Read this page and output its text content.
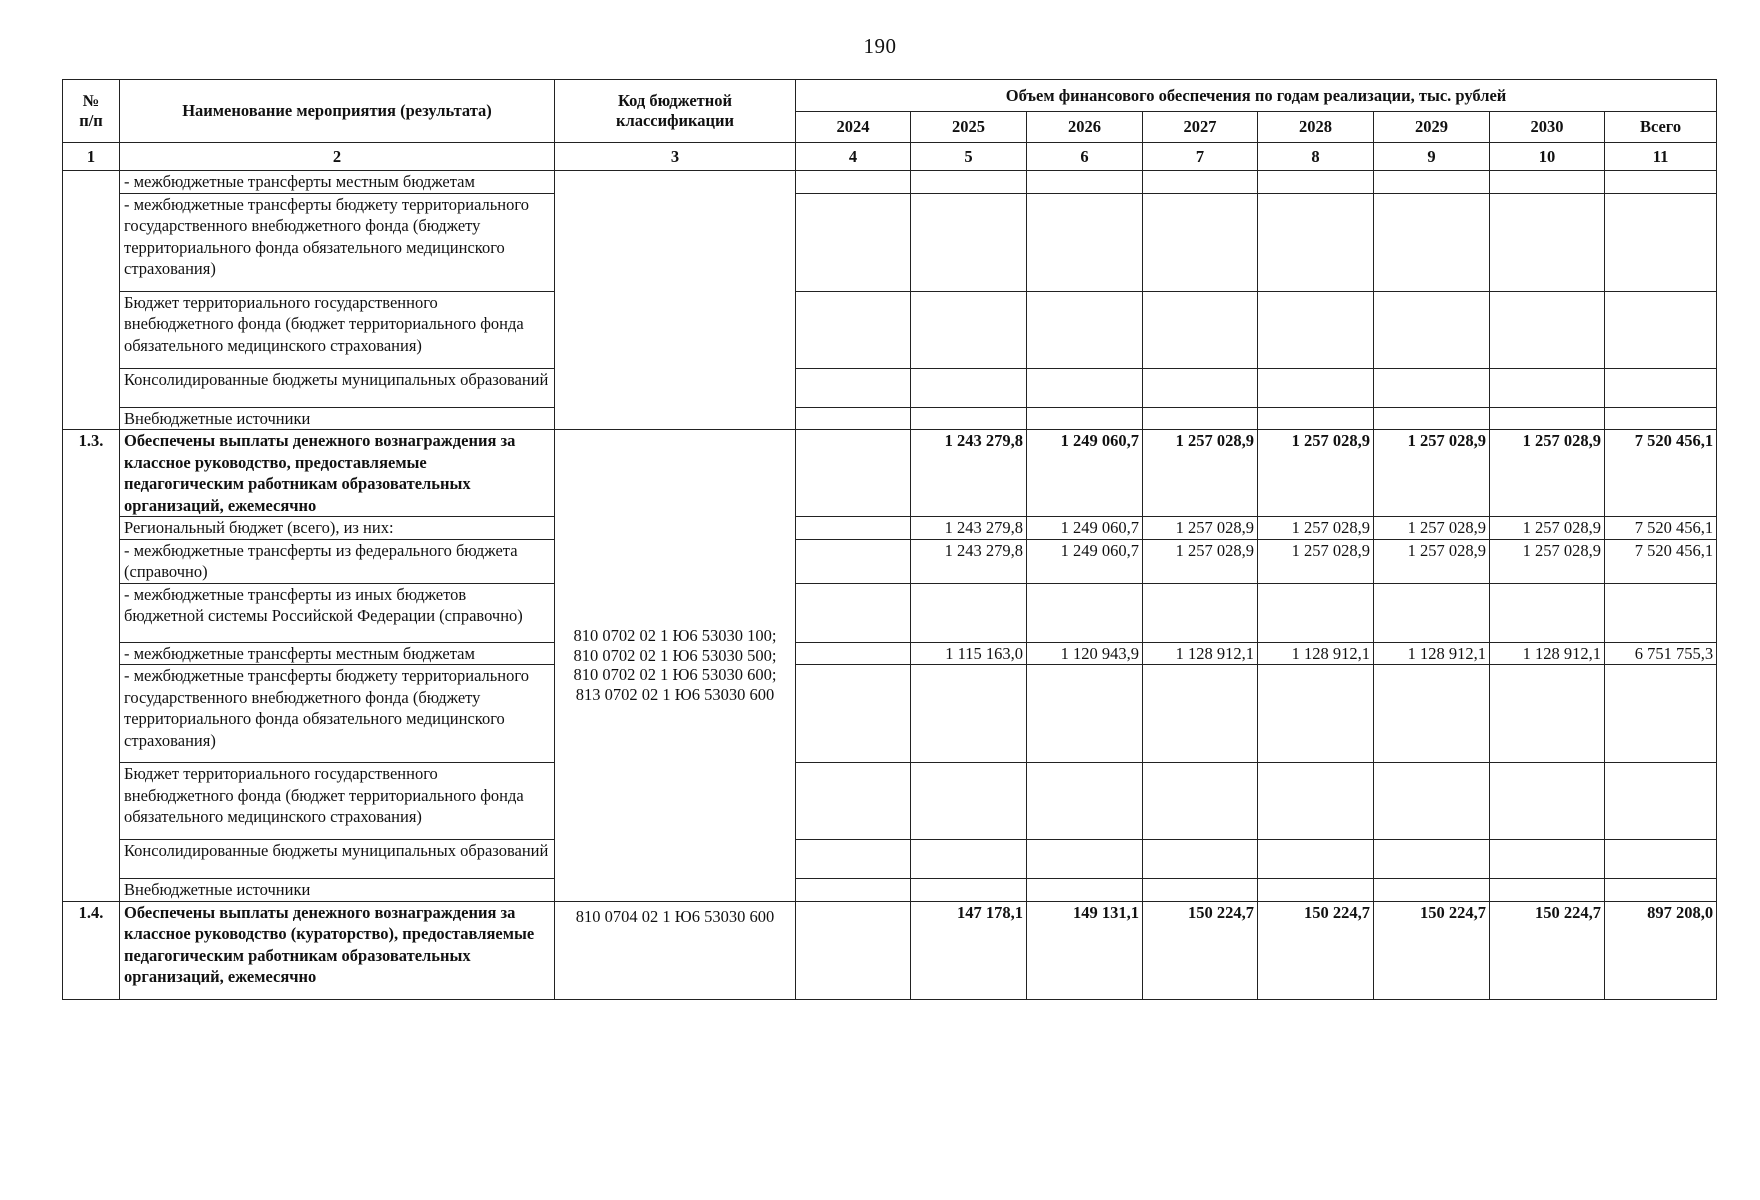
190
№
п/п	Наименование мероприятия (результата)	Код бюджетной классификации	Объем финансового обеспечения по годам реализации, тыс. рублей							
			2024	2025	2026	2027	2028	2029	2030	Всего
1	2	3	4	5	6	7	8	9	10	11
	- межбюджетные трансферты местным бюджетам									
	- межбюджетные трансферты бюджету территориального государственного внебюджетного фонда (бюджету территориального фонда обязательного медицинского страхования)									
	Бюджет территориального государственного внебюджетного фонда (бюджет территориального фонда обязательного медицинского страхования)									
	Консолидированные бюджеты муниципальных образований									
	Внебюджетные источники									
1.3.	Обеспечены выплаты денежного вознаграждения за классное руководство, предоставляемые педагогическим работникам образовательных организаций, ежемесячно	810 0702 02 1 Ю6 53030 100;
810 0702 02 1 Ю6 53030 500;
810 0702 02 1 Ю6 53030 600;
813 0702 02 1 Ю6 53030 600		1 243 279,8	1 249 060,7	1 257 028,9	1 257 028,9	1 257 028,9	1 257 028,9	7 520 456,1
	Региональный бюджет (всего), из них:			1 243 279,8	1 249 060,7	1 257 028,9	1 257 028,9	1 257 028,9	1 257 028,9	7 520 456,1
	- межбюджетные трансферты из федерального бюджета (справочно)			1 243 279,8	1 249 060,7	1 257 028,9	1 257 028,9	1 257 028,9	1 257 028,9	7 520 456,1
	- межбюджетные трансферты из иных бюджетов бюджетной системы Российской Федерации (справочно)									
	- межбюджетные трансферты местным бюджетам			1 115 163,0	1 120 943,9	1 128 912,1	1 128 912,1	1 128 912,1	1 128 912,1	6 751 755,3
	- межбюджетные трансферты бюджету территориального государственного внебюджетного фонда (бюджету территориального фонда обязательного медицинского страхования)									
	Бюджет территориального государственного внебюджетного фонда (бюджет территориального фонда обязательного медицинского страхования)									
	Консолидированные бюджеты муниципальных образований									
	Внебюджетные источники									
1.4.	Обеспечены выплаты денежного вознаграждения за классное руководство (кураторство), предоставляемые педагогическим работникам образовательных организаций, ежемесячно	810 0704 02 1 Ю6 53030 600		147 178,1	149 131,1	150 224,7	150 224,7	150 224,7	150 224,7	897 208,0
